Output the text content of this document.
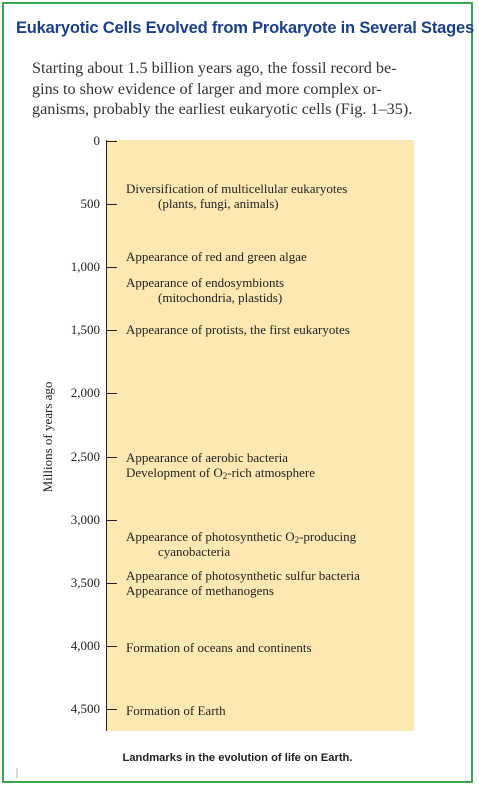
Eukaryotic Cells Evolved from Prokaryote in Several Stages
Starting about 1.5 billion years ago, the fossil record be-
gins to show evidence of larger and more complex or-
ganisms, probably the earliest eukaryotic cells (Fig. 1–35).
0
500
1,000
1,500
2,000
2,500
3,000
3,500
4,000
4,500
Millions of years ago
Diversification of multicellular eukaryotes
(plants, fungi, animals)
Appearance of red and green algae
Appearance of endosymbionts
(mitochondria, plastids)
Appearance of protists, the first eukaryotes
Appearance of aerobic bacteria
Development of $O_2$-rich atmosphere
Appearance of photosynthetic $O_2$-producing
cyanobacteria
Appearance of photosynthetic sulfur bacteria
Appearance of methanogens
Formation of oceans and continents
Formation of Earth
Landmarks in the evolution of life on Earth.
